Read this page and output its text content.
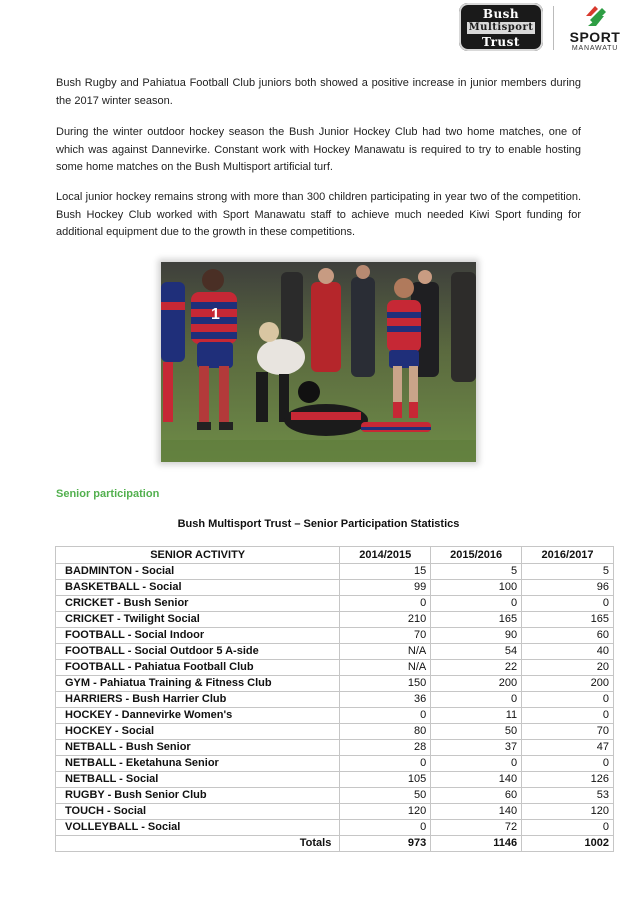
Bush
Multisport
Trust	SPORT
MANAWATU

Bush Rugby and Pahiatua Football Club juniors both showed a positive increase in junior members during the 2017 winter season.

During the winter outdoor hockey season the Bush Junior Hockey Club had two home matches, one of which was against Dannevirke. Constant work with Hockey Manawatu is required to try to enable hosting some home matches on the Bush Multisport artificial turf.

Local junior hockey remains strong with more than 300 children participating in year two of the competition. Bush Hockey Club worked with Sport Manawatu staff to achieve much needed Kiwi Sport funding for additional equipment due to the growth in these competitions.

1
Senior participation
Bush Multisport Trust – Senior Participation Statistics
SENIOR ACTIVITY	2014/2015	2015/2016	2016/2017
BADMINTON - Social	15	5	5
BASKETBALL - Social	99	100	96
CRICKET - Bush Senior	0	0	0
CRICKET - Twilight Social	210	165	165
FOOTBALL - Social Indoor	70	90	60
FOOTBALL - Social Outdoor 5 A-side	N/A	54	40
FOOTBALL - Pahiatua Football Club	N/A	22	20
GYM - Pahiatua Training & Fitness Club	150	200	200
HARRIERS - Bush Harrier Club	36	0	0
HOCKEY - Dannevirke Women's	0	11	0
HOCKEY - Social	80	50	70
NETBALL - Bush Senior	28	37	47
NETBALL - Eketahuna Senior	0	0	0
NETBALL - Social	105	140	126
RUGBY - Bush Senior Club	50	60	53
TOUCH - Social	120	140	120
VOLLEYBALL - Social	0	72	0
Totals	973	1146	1002
